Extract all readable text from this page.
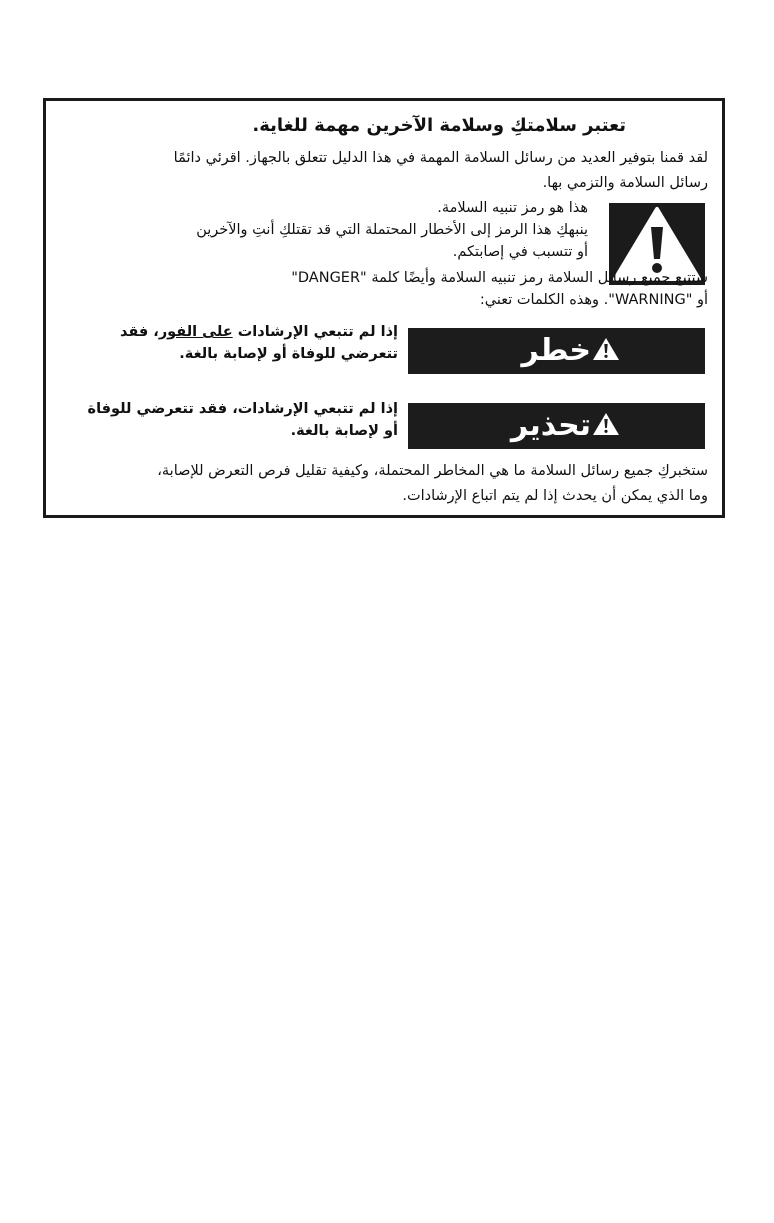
تعتبر سلامتكِ وسلامة الآخرين مهمة للغاية.
لقد قمنا بتوفير العديد من رسائل السلامة المهمة في هذا الدليل تتعلق بالجهاز. اقرئي دائمًا
رسائل السلامة والتزمي بها.
هذا هو رمز تنبيه السلامة.
ينبهكِ هذا الرمز إلى الأخطار المحتملة التي قد تقتلكِ أنتِ والآخرين
أو تتسبب في إصابتكم.
ستتبع جميع رسائل السلامة رمز تنبيه السلامة وأيضًا كلمة "DANGER"
أو "WARNING". وهذه الكلمات تعني:
خطر
إذا لم تتبعي الإرشادات على الفور، فقد
تتعرضي للوفاة أو لإصابة بالغة.
تحذير
إذا لم تتبعي الإرشادات، فقد تتعرضي للوفاة
أو لإصابة بالغة.
ستخبركِ جميع رسائل السلامة ما هي المخاطر المحتملة، وكيفية تقليل فرص التعرض للإصابة،
وما الذي يمكن أن يحدث إذا لم يتم اتباع الإرشادات.
